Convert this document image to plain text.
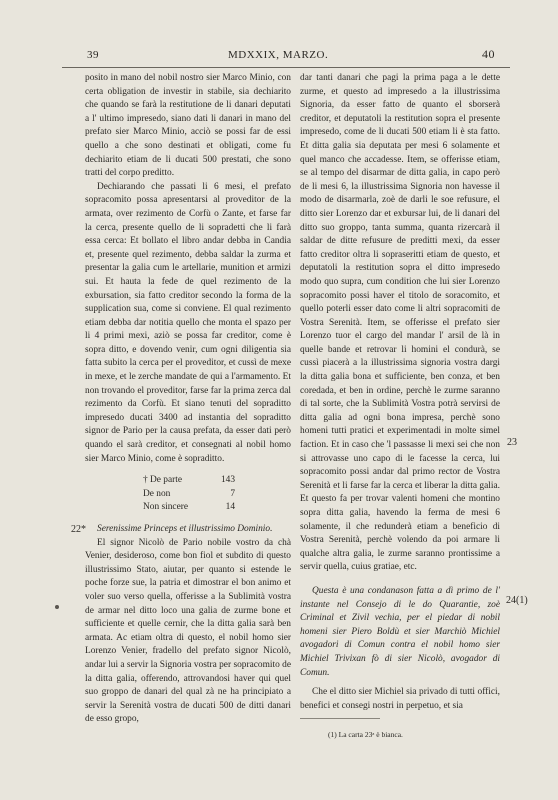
39	MDXXIX, MARZO.	40

posito in mano del nobil nostro sier Marco Minio, con certa obligation de investir in stabile, sia dechiarito che quando se farà la restitutione de li danari deputati a l' ultimo impresedo, siano dati li danari in mano del prefato sier Marco Minio, acciò se possi far de essi quello a che sono destinati et obligati, come fu dechiarito etiam de li ducati 500 prestati, che sono tratti del corpo preditto.

Dechiarando che passati li 6 mesi, el prefato sopracomito possa apresentarsi al proveditor de la armata, over rezimento de Corfù o Zante, et farse far la cerca, presente quello de li sopradetti che li farà essa cerca: Et bollato el libro andar debba in Candia et, presente quel rezimento, debba saldar la zurma et presentar la galia cum le artellarie, munition et armizi sui. Et hauta la fede de quel rezimento de la exbursation, sia fatto creditor secondo la forma de la supplication sua, come si conviene. El qual rezimento etiam debba dar notitia quello che monta el spazo per li 4 primi mexi, aziò se possa far creditor, come è sopra ditto, e dovendo venir, cum ogni diligentia sia fatta subito la cerca per el proveditor, et cussì de mexe in mexe, et le zerche mandate de qui a l'armamento. Et non trovando el proveditor, farse far la prima zerca dal rezimento da Corfù. Et siano tenuti del sopraditto impresedo ducati 3400 ad instantia del sopraditto signor de Pario per la causa prefata, da esser dati però quando el sarà creditor, et consegnati al nobil homo sier Marco Minio, come è sopraditto.

† De parte	143
De non	7
Non sincere	14

22* Serenissime Princeps et illustrissimo Dominio.

El signor Nicolò de Pario nobile vostro da chà Venier, desideroso, come bon fiol et subdito di questo illustrissimo Stato, aiutar, per quanto si estende le poche forze sue, la patria et dimostrar el bon animo et voler suo verso quella, offerisse a la Sublimità vostra de armar nel ditto loco una galia de zurme bone et sufficiente et quelle cernir, che la ditta galia sarà ben armata. Ac etiam oltra di questo, el nobil homo sier Lorenzo Venier, fradello del prefato signor Nicolò, andar lui a servir la Signoria vostra per sopracomito de la ditta galia, offerendo, attrovandosi haver qui quel suo groppo de danari del qual zà ne ha principiato a servir la Serenità vostra de ducati 500 de ditti danari de esso gropo,

dar tanti danari che pagi la prima paga a le dette zurme, et questo ad impresedo a la illustrissima Signoria, da esser fatto de quanto el sborserà creditor, et deputatoli la restitution sopra el presente impresedo, come de li ducati 500 etiam li è sta fatto. Et ditta galia sia deputata per mesi 6 solamente et quel manco che accadesse. Item, se offerisse etiam, se al tempo del disarmar de ditta galia, in capo però de li mesi 6, la illustrissima Signoria non havesse il modo de disarmarla, zoè de darli le soe refusure, el ditto sier Lorenzo dar et exbursar lui, de li danari del ditto suo groppo, tanta summa, quanta rizercarà il saldar de ditte refusure de preditti mexi, da esser fatto creditor oltra li sopraseritti etiam de questo, et deputatoli la restitution sopra el ditto impresedo modo quo supra, cum condition che lui sier Lorenzo sopracomito possi haver el titolo de soracomito, et quello poterli esser dato come li altri sopracomiti de Vostra Serenità. Item, se offerisse el prefato sier Lorenzo tuor el cargo del mandar l' arsil de là in quelle bande et retrovar li homini el condurà, se cussì piacerà a la illustrissima signoria vostra dargi la ditta galia bona et sufficiente, ben conza, et ben coredada, et ben in ordine, perchè le zurme saranno di tal sorte, che la Sublimità Vostra potrà servirsi de ditta galia ad ogni bona impresa, perchè sono homeni tutti pratici et experimentadi in molte simel faction. Et in caso che 'l passasse li mexi sei che non si attrovasse uno capo di le facesse la cerca, lui sopracomito possi andar dal primo rector de Vostra Serenità et li farse far la cerca et liberar la ditta galia. Et questo fa per trovar valenti homeni che montino sopra ditta galia, havendo la ferma de mesi 6 solamente, il che redunderà etiam a beneficio di Vostra Serenità, perchè volendo da poi armare li qualche altra galia, le zurme saranno prontissime a servir quella, cuius gratiae, etc.

Questa è una condanason fatta a dì primo de l' instante nel Consejo di le do Quarantie, zoè Criminal et Zivil vechia, per el piedar di nobil homeni sier Piero Boldù et sier Marchiò Michiel avogadori di Comun contra el nobil homo sier Michiel Trivixan fò di sier Nicolò, avogador di Comun.

Che el ditto sier Michiel sia privado di tutti offici, benefici et consegi nostri in perpetuo, et sia

23
24(1)
(1) La carta 23ᵃ è bianca.
